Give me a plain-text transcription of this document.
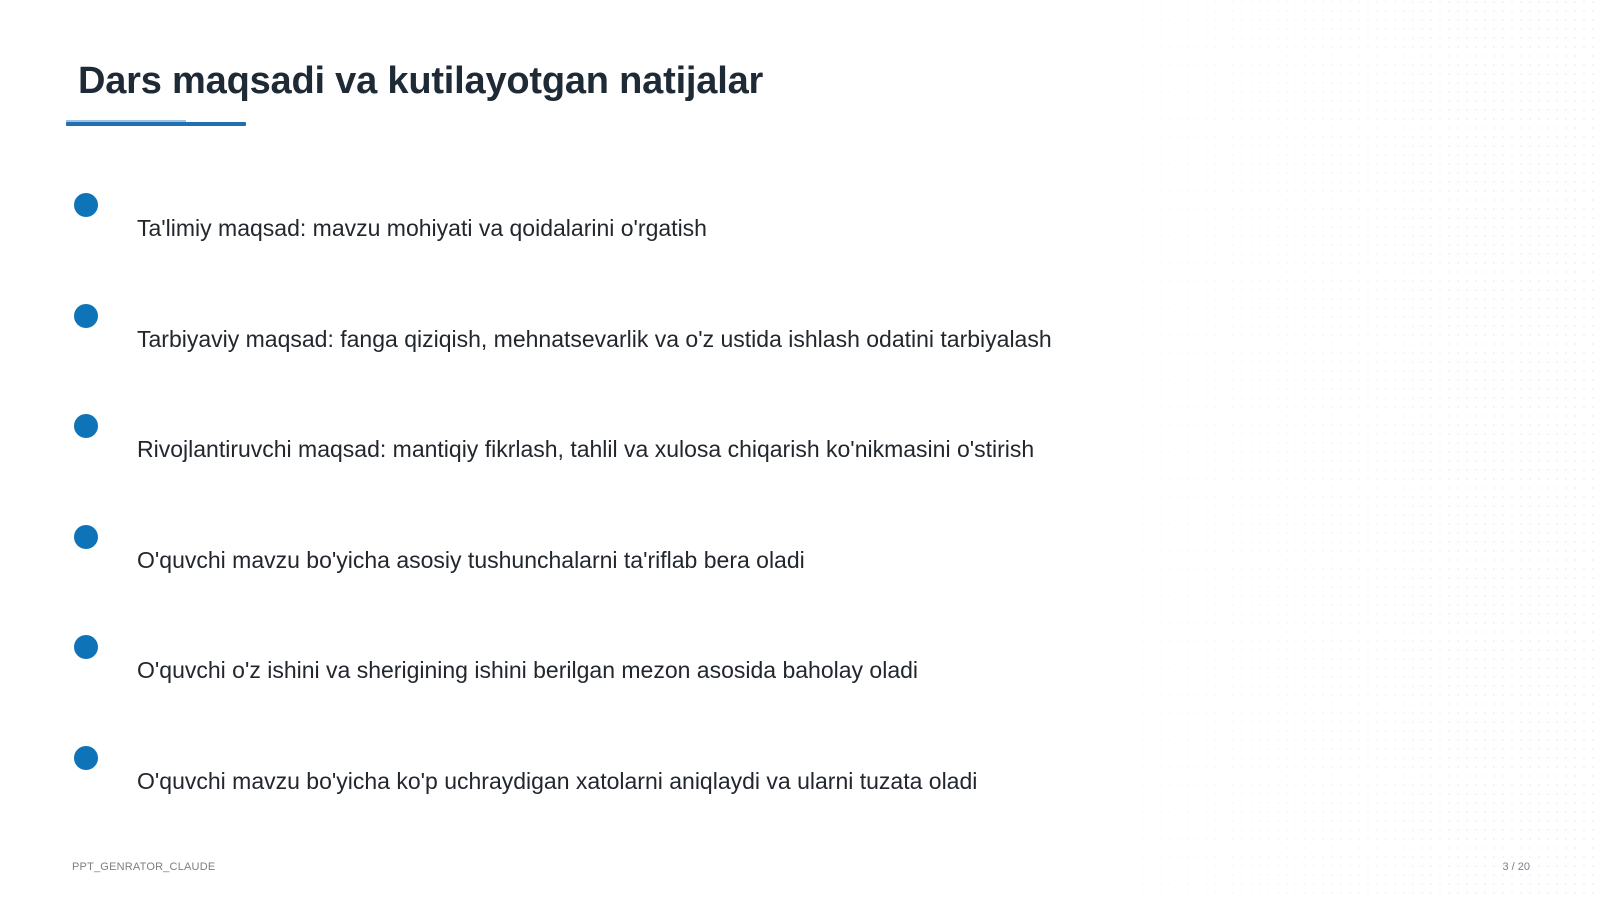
Dars maqsadi va kutilayotgan natijalar
Ta'limiy maqsad: mavzu mohiyati va qoidalarini o'rgatish
Tarbiyaviy maqsad: fanga qiziqish, mehnatsevarlik va o'z ustida ishlash odatini tarbiyalash
Rivojlantiruvchi maqsad: mantiqiy fikrlash, tahlil va xulosa chiqarish ko'nikmasini o'stirish
O'quvchi mavzu bo'yicha asosiy tushunchalarni ta'riflab bera oladi
O'quvchi o'z ishini va sherigining ishini berilgan mezon asosida baholay oladi
O'quvchi mavzu bo'yicha ko'p uchraydigan xatolarni aniqlaydi va ularni tuzata oladi
PPT_GENRATOR_CLAUDE	3 / 20
